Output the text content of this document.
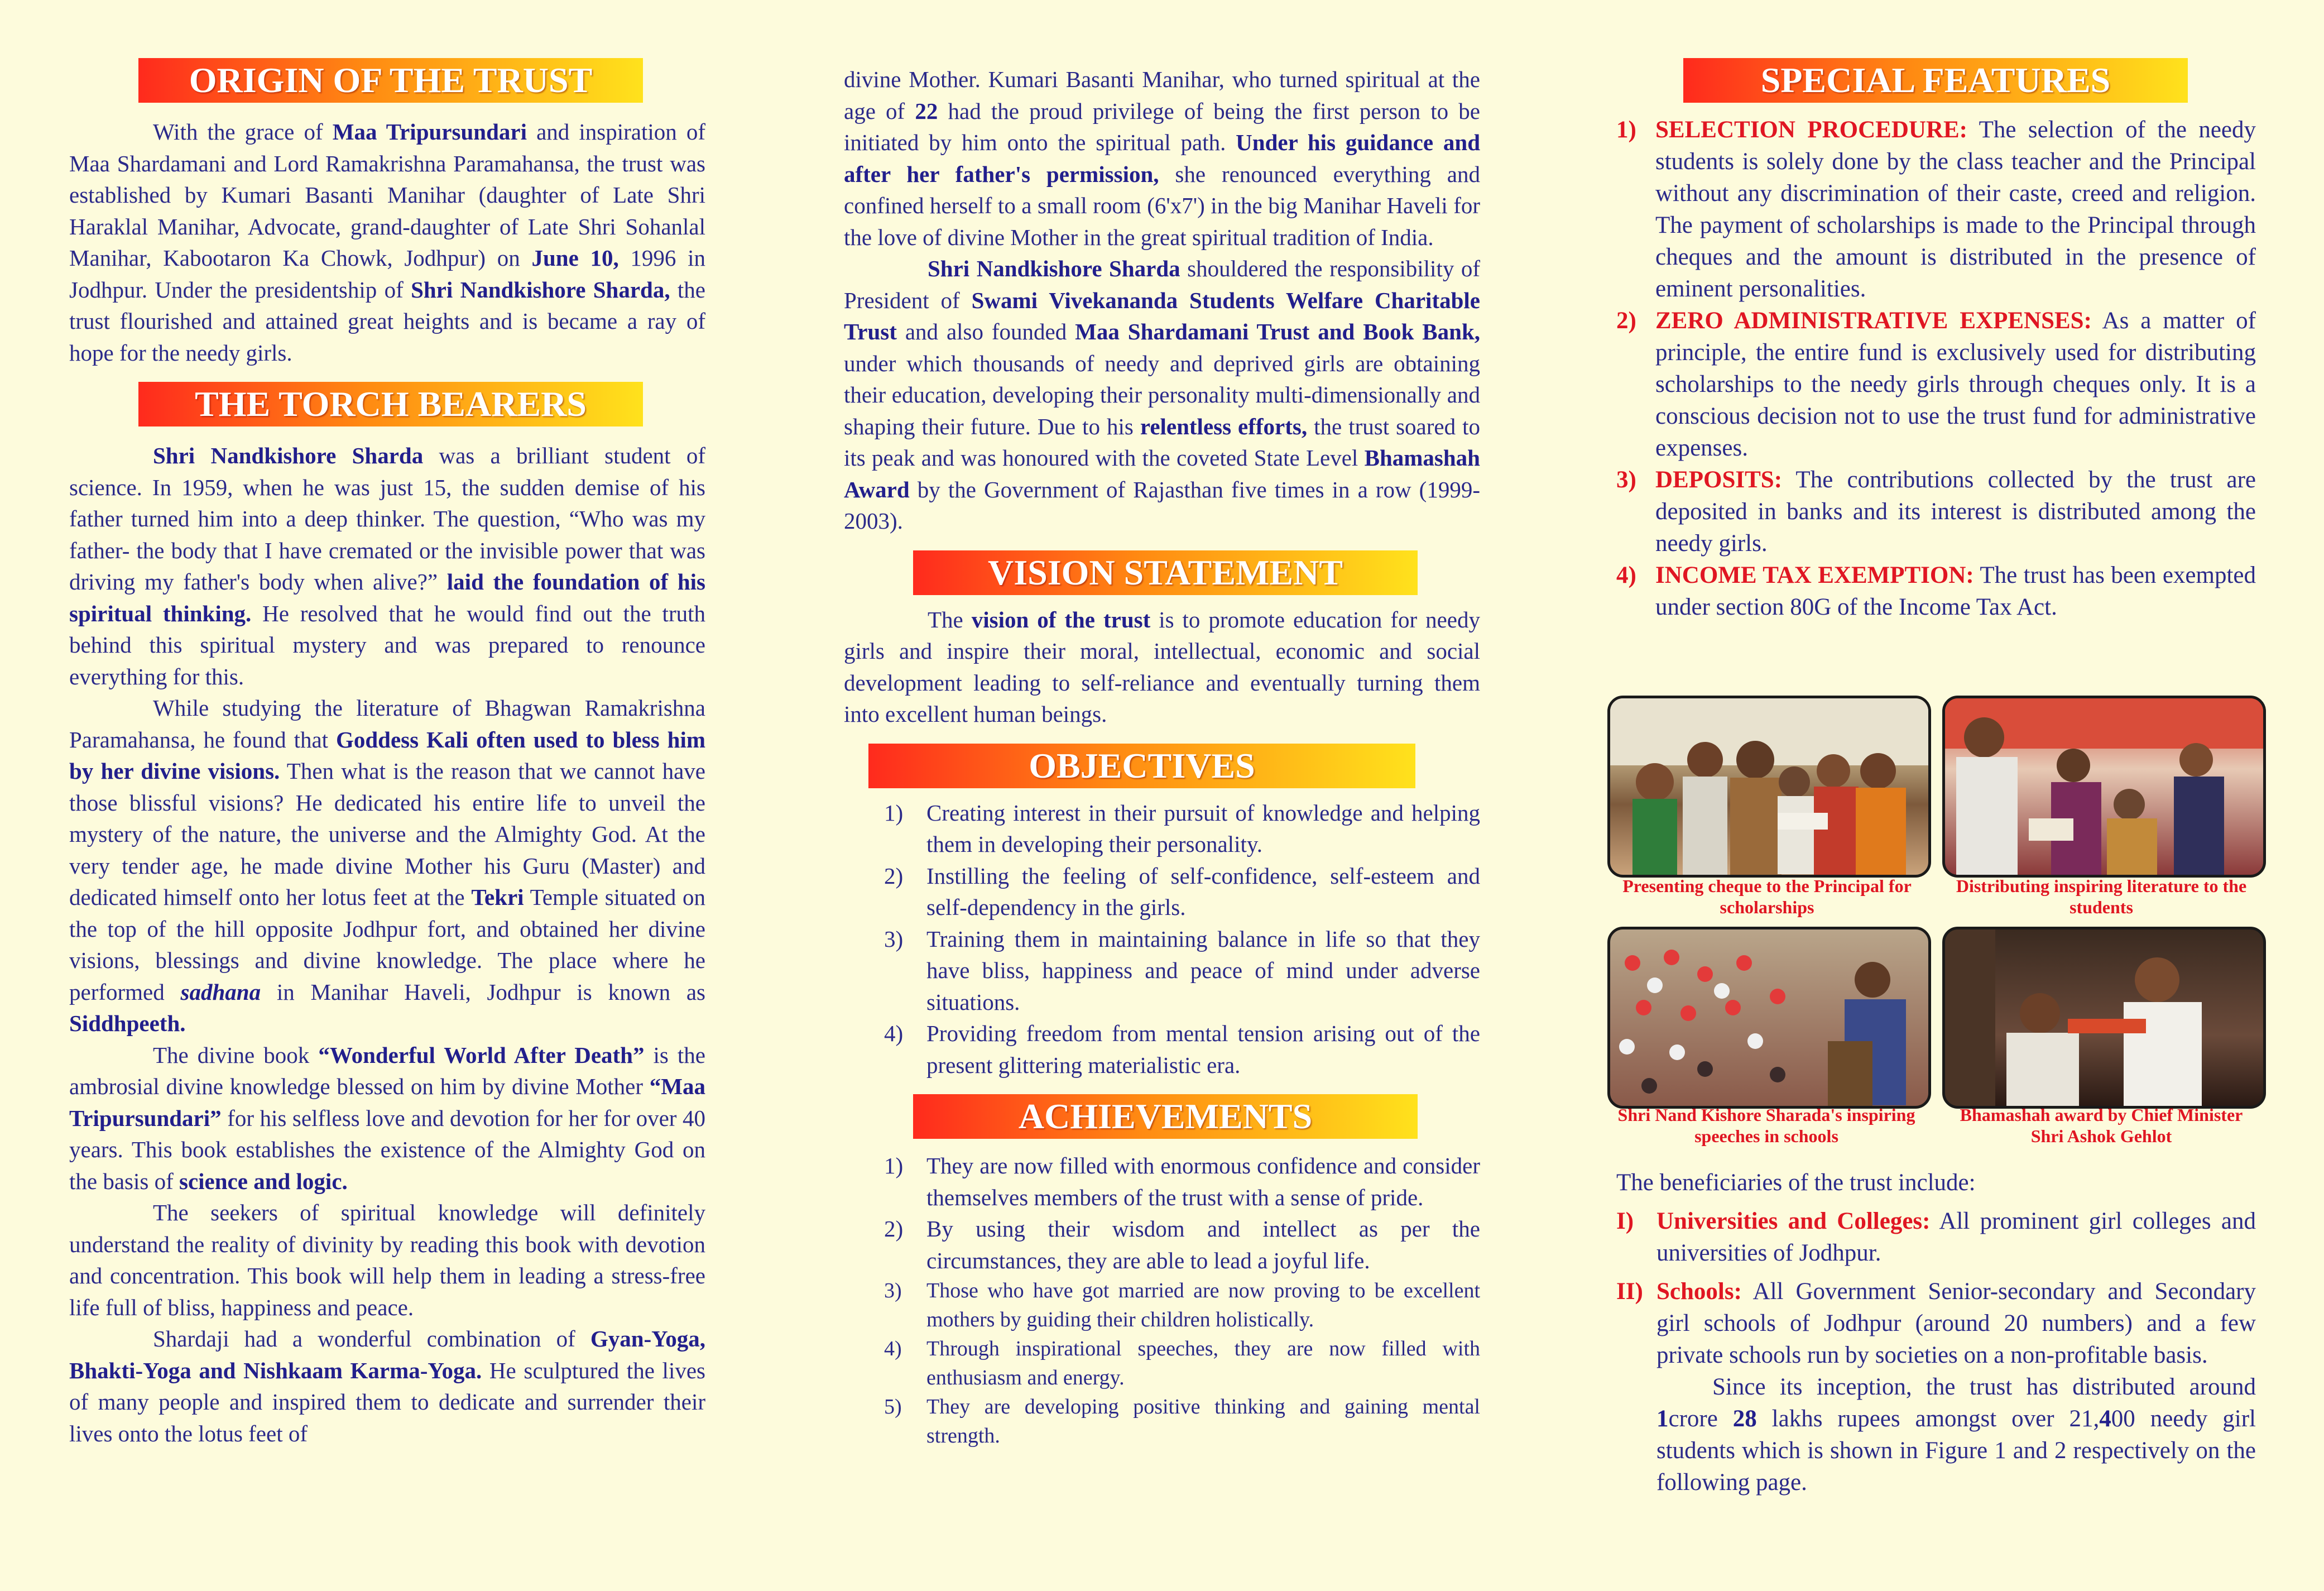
ORIGIN OF THE TRUST

With the grace of Maa Tripursundari and inspiration of Maa Shardamani and Lord Ramakrishna Paramahansa, the trust was established by Kumari Basanti Manihar (daughter of Late Shri Haraklal Manihar, Advocate, grand-daughter of Late Shri Sohanlal Manihar, Kabootaron Ka Chowk, Jodhpur) on June 10, 1996 in Jodhpur. Under the presidentship of Shri Nandkishore Sharda, the trust flourished and attained great heights and is became a ray of hope for the needy girls.

THE TORCH BEARERS

Shri Nandkishore Sharda was a brilliant student of science. In 1959, when he was just 15, the sudden demise of his father turned him into a deep thinker. The question, “Who was my father- the body that I have cremated or the invisible power that was driving my father's body when alive?” laid the foundation of his spiritual thinking. He resolved that he would find out the truth behind this spiritual mystery and was prepared to renounce everything for this.

While studying the literature of Bhagwan Ramakrishna Paramahansa, he found that Goddess Kali often used to bless him by her divine visions. Then what is the reason that we cannot have those blissful visions? He dedicated his entire life to unveil the mystery of the nature, the universe and the Almighty God. At the very tender age, he made divine Mother his Guru (Master) and dedicated himself onto her lotus feet at the Tekri Temple situated on the top of the hill opposite Jodhpur fort, and obtained her divine visions, blessings and divine knowledge. The place where he performed sadhana in Manihar Haveli, Jodhpur is known as Siddhpeeth.

The divine book “Wonderful World After Death” is the ambrosial divine knowledge blessed on him by divine Mother “Maa Tripursundari” for his selfless love and devotion for her for over 40 years. This book establishes the existence of the Almighty God on the basis of science and logic.

The seekers of spiritual knowledge will definitely understand the reality of divinity by reading this book with devotion and concentration. This book will help them in leading a stress-free life full of bliss, happiness and peace.

Shardaji had a wonderful combination of Gyan-Yoga, Bhakti-Yoga and Nishkaam Karma-Yoga. He sculptured the lives of many people and inspired them to dedicate and surrender their lives onto the lotus feet of

divine Mother. Kumari Basanti Manihar, who turned spiritual at the age of 22 had the proud privilege of being the first person to be initiated by him onto the spiritual path. Under his guidance and after her father's permission, she renounced everything and confined herself to a small room (6'x7') in the big Manihar Haveli for the love of divine Mother in the great spiritual tradition of India.

Shri Nandkishore Sharda shouldered the responsibility of President of Swami Vivekananda Students Welfare Charitable Trust and also founded Maa Shardamani Trust and Book Bank, under which thousands of needy and deprived girls are obtaining their education, developing their personality multi-dimensionally and shaping their future. Due to his relentless efforts, the trust soared to its peak and was honoured with the coveted State Level Bhamashah Award by the Government of Rajasthan five times in a row (1999-2003).

VISION STATEMENT

The vision of the trust is to promote education for needy girls and inspire their moral, intellectual, economic and social development leading to self-reliance and eventually turning them into excellent human beings.

OBJECTIVES
1) Creating interest in their pursuit of knowledge and helping them in developing their personality.
2) Instilling the feeling of self-confidence, self-esteem and self-dependency in the girls.
3) Training them in maintaining balance in life so that they have bliss, happiness and peace of mind under adverse situations.
4) Providing freedom from mental tension arising out of the present glittering materialistic era.
ACHIEVEMENTS
1) They are now filled with enormous confidence and consider themselves members of the trust with a sense of pride.
2) By using their wisdom and intellect as per the circumstances, they are able to lead a joyful life.
3) Those who have got married are now proving to be excellent mothers by guiding their children holistically.
4) Through inspirational speeches, they are now filled with enthusiasm and energy.
5) They are developing positive thinking and gaining mental strength.
SPECIAL FEATURES
1) SELECTION PROCEDURE: The selection of the needy students is solely done by the class teacher and the Principal without any discrimination of their caste, creed and religion. The payment of scholarships is made to the Principal through cheques and the amount is distributed in the presence of eminent personalities.
2) ZERO ADMINISTRATIVE EXPENSES: As a matter of principle, the entire fund is exclusively used for distributing scholarships to the needy girls through cheques only. It is a conscious decision not to use the trust fund for administrative expenses.
3) DEPOSITS: The contributions collected by the trust are deposited in banks and its interest is distributed among the needy girls.
4) INCOME TAX EXEMPTION: The trust has been exempted under section 80G of the Income Tax Act.
Presenting cheque to the Principal for scholarships
Distributing inspiring literature to the students
Shri Nand Kishore Sharada's inspiring speeches in schools
Bhamashah award by Chief Minister Shri Ashok Gehlot

The beneficiaries of the trust include:

I) Universities and Colleges: All prominent girl colleges and universities of Jodhpur.
II) Schools: All Government Senior-secondary and Secondary girl schools of Jodhpur (around 20 numbers) and a few private schools run by societies on a non-profitable basis.

Since its inception, the trust has distributed around 1crore 28 lakhs rupees amongst over 21,400 needy girl students which is shown in Figure 1 and 2 respectively on the following page.
